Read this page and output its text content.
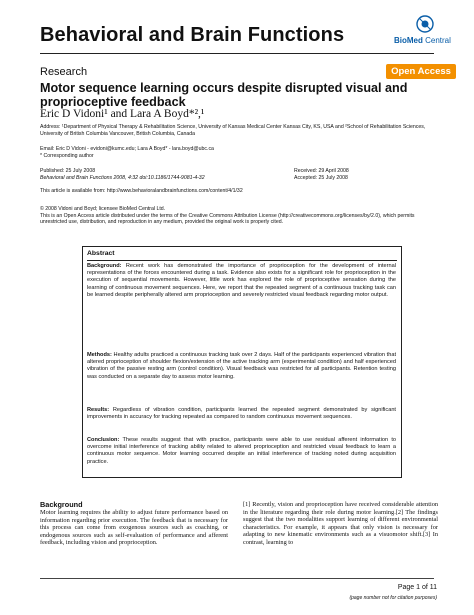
Behavioral and Brain Functions	BioMed Central
Research	Open Access
Motor sequence learning occurs despite disrupted visual and proprioceptive feedback
Eric D Vidoni¹ and Lara A Boyd*²,¹
Address: ¹Department of Physical Therapy & Rehabilitation Science, University of Kansas Medical Center Kansas City, KS, USA and ²School of Rehabilitation Sciences, University of British Columbia Vancouver, British Columbia, Canada
Email: Eric D Vidoni - evidoni@kumc.edu; Lara A Boyd* - lara.boyd@ubc.ca
* Corresponding author
Published: 25 July 2008
Behavioral and Brain Functions 2008, 4:32 doi:10.1186/1744-9081-4-32
Received: 29 April 2008
Accepted: 25 July 2008
This article is available from: http://www.behavioralandbrainfunctions.com/content/4/1/32
© 2008 Vidoni and Boyd; licensee BioMed Central Ltd.
This is an Open Access article distributed under the terms of the Creative Commons Attribution License (http://creativecommons.org/licenses/by/2.0), which permits unrestricted use, distribution, and reproduction in any medium, provided the original work is properly cited.
Abstract
Background: Recent work has demonstrated the importance of proprioception for the development of internal representations of the forces encountered during a task. Evidence also exists for a significant role for proprioception in the execution of sequential movements. However, little work has explored the role of proprioceptive sensation during the learning of continuous movement sequences. Here, we report that the repeated segment of a continuous tracking task can be learned despite peripherally altered arm proprioception and severely restricted visual feedback regarding motor output.
Methods: Healthy adults practiced a continuous tracking task over 2 days. Half of the participants experienced vibration that altered proprioception of shoulder flexion/extension of the active tracking arm (experimental condition) and half experienced vibration of the passive resting arm (control condition). Visual feedback was restricted for all participants. Retention testing was conducted on a separate day to assess motor learning.
Results: Regardless of vibration condition, participants learned the repeated segment demonstrated by significant improvements in accuracy for tracking repeated as compared to random continuous movement sequences.
Conclusion: These results suggest that with practice, participants were able to use residual afferent information to overcome initial interference of tracking ability related to altered proprioception and restricted visual feedback to learn a continuous motor sequence. Motor learning occurred despite an initial interference of tracking noted during acquisition practice.
Background
Motor learning requires the ability to adjust future performance based on information regarding prior execution. The feedback that is necessary for this process can come from exogenous sources such as coaching, or endogenous sources such as self-evaluation of performance and afferent feedback, including vision and proprioception.
[1] Recently, vision and proprioception have received considerable attention in the literature regarding their role during motor learning.[2] The findings suggest that the two modalities support learning of different environmental characteristics. For example, it appears that only vision is necessary for adapting to new kinematic environments such as a visuomotor shift.[3] In contrast, learning to
Page 1 of 11
(page number not for citation purposes)
